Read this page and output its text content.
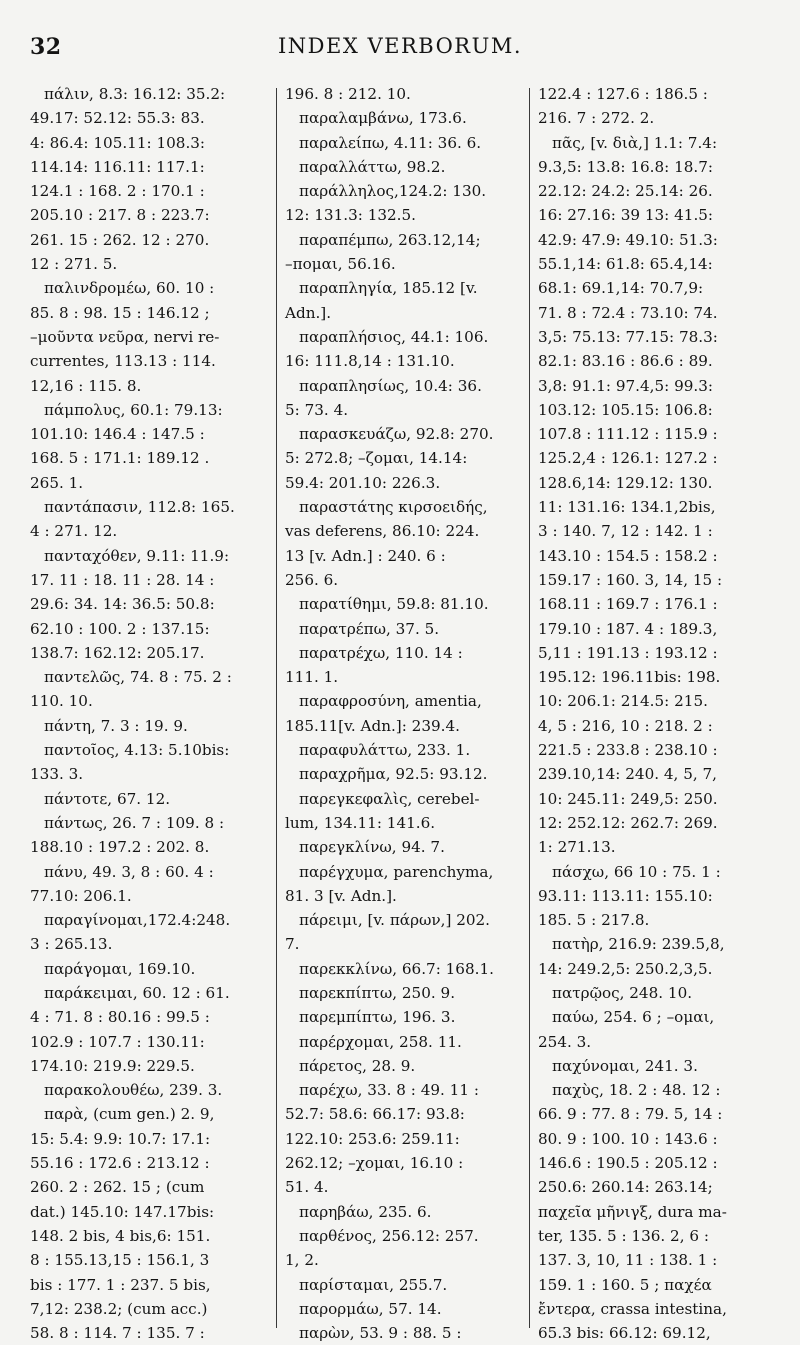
32	INDEX VERBORUM.
πάλιν, 8.3: 16.12: 35.2:
49.17: 52.12: 55.3: 83.
4: 86.4: 105.11: 108.3:
114.14: 116.11: 117.1:
124.1 : 168. 2 : 170.1 :
205.10 : 217. 8 : 223.7:
261. 15 : 262. 12 : 270.
12 : 271. 5.
παλινδρομέω, 60. 10 :
85. 8 : 98. 15 : 146.12 ;
–μοῦντα νεῦρα, nervi re-
currentes, 113.13 : 114.
12,16 : 115. 8.
πάμπολυς, 60.1: 79.13:
101.10: 146.4 : 147.5 :
168. 5 : 171.1: 189.12 .
265. 1.
παντάπασιν, 112.8: 165.
4 : 271. 12.
πανταχόθεν, 9.11: 11.9:
17. 11 : 18. 11 : 28. 14 :
29.6: 34. 14: 36.5: 50.8:
62.10 : 100. 2 : 137.15:
138.7: 162.12: 205.17.
παντελῶς, 74. 8 : 75. 2 :
110. 10.
πάντη, 7. 3 : 19. 9.
παντοῖος, 4.13: 5.10bis:
133. 3.
πάντοτε, 67. 12.
πάντως, 26. 7 : 109. 8 :
188.10 : 197.2 : 202. 8.
πάνυ, 49. 3, 8 : 60. 4 :
77.10: 206.1.
παραγίνομαι,172.4:248.
3 : 265.13.
παράγομαι, 169.10.
παράκειμαι, 60. 12 : 61.
4 : 71. 8 : 80.16 : 99.5 :
102.9 : 107.7 : 130.11:
174.10: 219.9: 229.5.
παρακολουθέω, 239. 3.
παρὰ, (cum gen.) 2. 9,
15: 5.4: 9.9: 10.7: 17.1:
55.16 : 172.6 : 213.12 :
260. 2 : 262. 15 ; (cum
dat.) 145.10: 147.17bis:
148. 2 bis, 4 bis,6: 151.
8 : 155.13,15 : 156.1, 3
bis : 177. 1 : 237. 5 bis,
7,12: 238.2; (cum acc.)
58. 8 : 114. 7 : 135. 7 :
196. 8 : 212. 10.
παραλαμβάνω, 173.6.
παραλείπω, 4.11: 36. 6.
παραλλάττω, 98.2.
παράλληλος,124.2: 130.
12: 131.3: 132.5.
παραπέμπω, 263.12,14;
–πομαι, 56.16.
παραπληγία, 185.12 [v.
Adn.].
παραπλήσιος, 44.1: 106.
16: 111.8,14 : 131.10.
παραπλησίως, 10.4: 36.
5: 73. 4.
παρασκευάζω, 92.8: 270.
5: 272.8; –ζομαι, 14.14:
59.4: 201.10: 226.3.
παραστάτης κιρσοειδής,
vas deferens, 86.10: 224.
13 [v. Adn.] : 240. 6 :
256. 6.
παρατίθημι, 59.8: 81.10.
παρατρέπω, 37. 5.
παρατρέχω, 110. 14 :
111. 1.
παραφροσύνη, amentia,
185.11[v. Adn.]: 239.4.
παραφυλάττω, 233. 1.
παραχρῆμα, 92.5: 93.12.
παρεγκεφαλὶς, cerebel-
lum, 134.11: 141.6.
παρεγκλίνω, 94. 7.
παρέγχυμα, parenchyma,
81. 3 [v. Adn.].
πάρειμι, [v. πάρων,] 202.
7.
παρεκκλίνω, 66.7: 168.1.
παρεκπίπτω, 250. 9.
παρεμπίπτω, 196. 3.
παρέρχομαι, 258. 11.
πάρετος, 28. 9.
παρέχω, 33. 8 : 49. 11 :
52.7: 58.6: 66.17: 93.8:
122.10: 253.6: 259.11:
262.12; –χομαι, 16.10 :
51. 4.
παρηβάω, 235. 6.
παρθένος, 256.12: 257.
1, 2.
παρίσταμαι, 255.7.
παρορμάω, 57. 14.
παρὼν, 53. 9 : 88. 5 :
122.4 : 127.6 : 186.5 :
216. 7 : 272. 2.
πᾶς, [v. διὰ,] 1.1: 7.4:
9.3,5: 13.8: 16.8: 18.7:
22.12: 24.2: 25.14: 26.
16: 27.16: 39 13: 41.5:
42.9: 47.9: 49.10: 51.3:
55.1,14: 61.8: 65.4,14:
68.1: 69.1,14: 70.7,9:
71. 8 : 72.4 : 73.10: 74.
3,5: 75.13: 77.15: 78.3:
82.1: 83.16 : 86.6 : 89.
3,8: 91.1: 97.4,5: 99.3:
103.12: 105.15: 106.8:
107.8 : 111.12 : 115.9 :
125.2,4 : 126.1: 127.2 :
128.6,14: 129.12: 130.
11: 131.16: 134.1,2bis,
3 : 140. 7, 12 : 142. 1 :
143.10 : 154.5 : 158.2 :
159.17 : 160. 3, 14, 15 :
168.11 : 169.7 : 176.1 :
179.10 : 187. 4 : 189.3,
5,11 : 191.13 : 193.12 :
195.12: 196.11bis: 198.
10: 206.1: 214.5: 215.
4, 5 : 216, 10 : 218. 2 :
221.5 : 233.8 : 238.10 :
239.10,14: 240. 4, 5, 7,
10: 245.11: 249,5: 250.
12: 252.12: 262.7: 269.
1: 271.13.
πάσχω, 66 10 : 75. 1 :
93.11: 113.11: 155.10:
185. 5 : 217.8.
πατὴρ, 216.9: 239.5,8,
14: 249.2,5: 250.2,3,5.
πατρῷος, 248. 10.
παύω, 254. 6 ; –ομαι,
254. 3.
παχύνομαι, 241. 3.
παχὺς, 18. 2 : 48. 12 :
66. 9 : 77. 8 : 79. 5, 14 :
80. 9 : 100. 10 : 143.6 :
146.6 : 190.5 : 205.12 :
250.6: 260.14: 263.14;
παχεῖα μῆνιγξ, dura ma-
ter, 135. 5 : 136. 2, 6 :
137. 3, 10, 11 : 138. 1 :
159. 1 : 160. 5 ; παχέα
ἔντερα, crassa intestina,
65.3 bis: 66.12: 69.12,
